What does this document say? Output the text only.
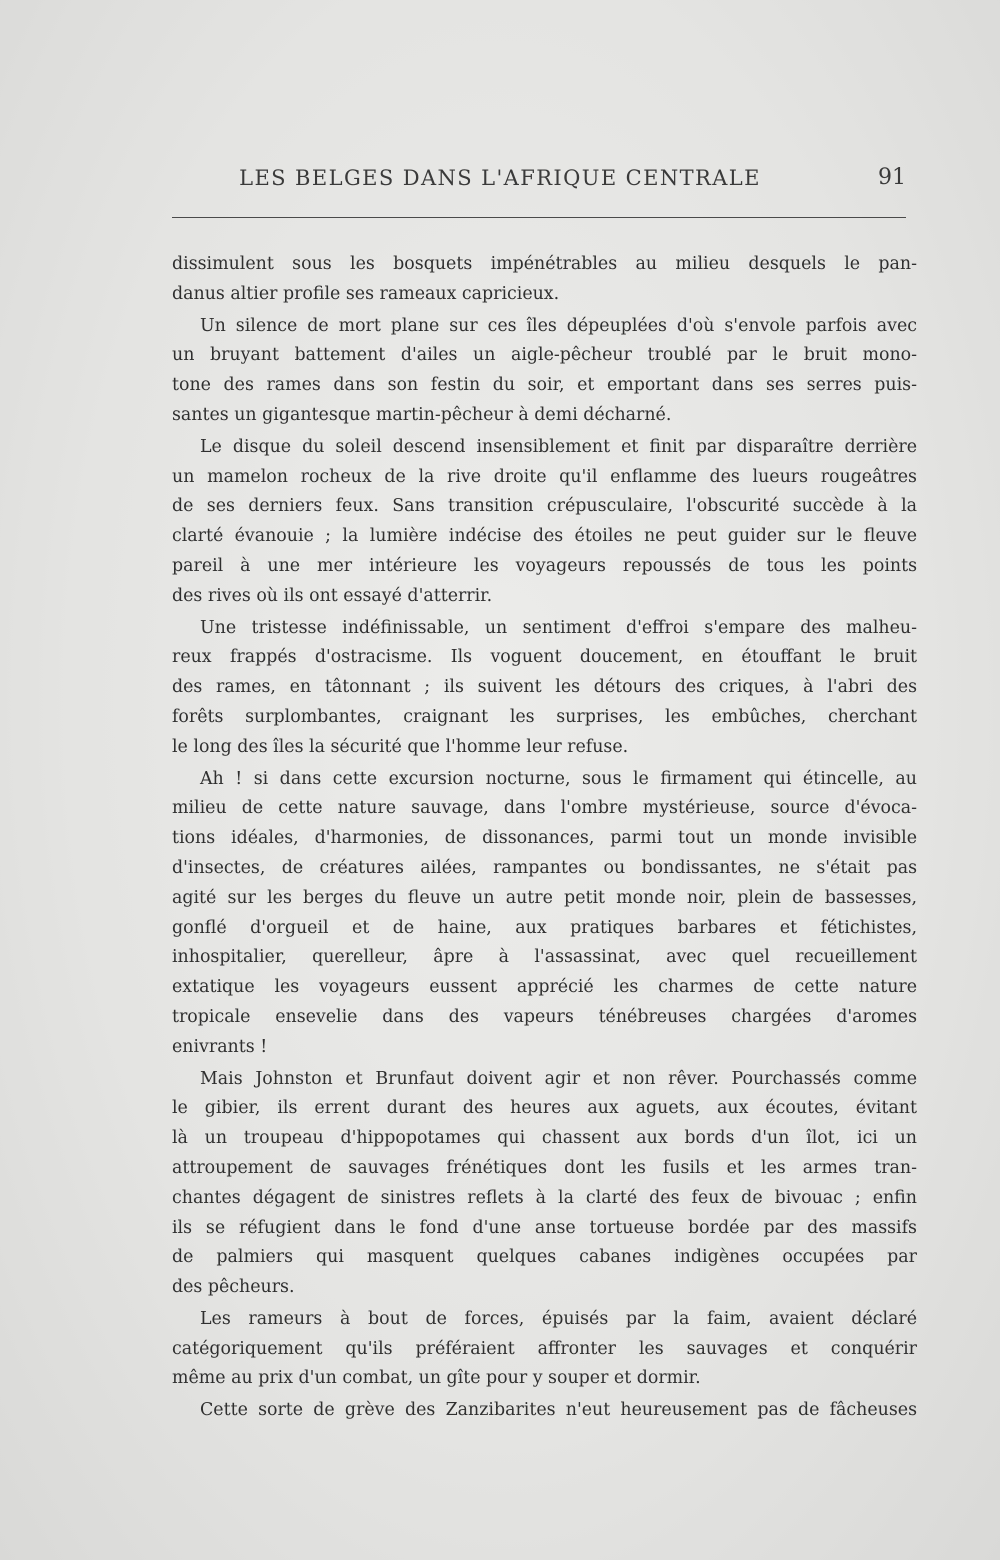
LES BELGES DANS L'AFRIQUE CENTRALE	91
dissimulent sous les bosquets impénétrables au milieu desquels le pan-
danus altier profile ses rameaux capricieux.
Un silence de mort plane sur ces îles dépeuplées d'où s'envole parfois avec
un bruyant battement d'ailes un aigle-pêcheur troublé par le bruit mono-
tone des rames dans son festin du soir, et emportant dans ses serres puis-
santes un gigantesque martin-pêcheur à demi décharné.
Le disque du soleil descend insensiblement et finit par disparaître derrière
un mamelon rocheux de la rive droite qu'il enflamme des lueurs rougeâtres
de ses derniers feux. Sans transition crépusculaire, l'obscurité succède à la
clarté évanouie ; la lumière indécise des étoiles ne peut guider sur le fleuve
pareil à une mer intérieure les voyageurs repoussés de tous les points
des rives où ils ont essayé d'atterrir.
Une tristesse indéfinissable, un sentiment d'effroi s'empare des malheu-
reux frappés d'ostracisme. Ils voguent doucement, en étouffant le bruit
des rames, en tâtonnant ; ils suivent les détours des criques, à l'abri des
forêts surplombantes, craignant les surprises, les embûches, cherchant
le long des îles la sécurité que l'homme leur refuse.
Ah ! si dans cette excursion nocturne, sous le firmament qui étincelle, au
milieu de cette nature sauvage, dans l'ombre mystérieuse, source d'évoca-
tions idéales, d'harmonies, de dissonances, parmi tout un monde invisible
d'insectes, de créatures ailées, rampantes ou bondissantes, ne s'était pas
agité sur les berges du fleuve un autre petit monde noir, plein de bassesses,
gonflé d'orgueil et de haine, aux pratiques barbares et fétichistes,
inhospitalier, querelleur, âpre à l'assassinat, avec quel recueillement
extatique les voyageurs eussent apprécié les charmes de cette nature
tropicale ensevelie dans des vapeurs ténébreuses chargées d'aromes
enivrants !
Mais Johnston et Brunfaut doivent agir et non rêver. Pourchassés comme
le gibier, ils errent durant des heures aux aguets, aux écoutes, évitant
là un troupeau d'hippopotames qui chassent aux bords d'un îlot, ici un
attroupement de sauvages frénétiques dont les fusils et les armes tran-
chantes dégagent de sinistres reflets à la clarté des feux de bivouac ; enfin
ils se réfugient dans le fond d'une anse tortueuse bordée par des massifs
de palmiers qui masquent quelques cabanes indigènes occupées par
des pêcheurs.
Les rameurs à bout de forces, épuisés par la faim, avaient déclaré
catégoriquement qu'ils préféraient affronter les sauvages et conquérir
même au prix d'un combat, un gîte pour y souper et dormir.
Cette sorte de grève des Zanzibarites n'eut heureusement pas de fâcheuses
